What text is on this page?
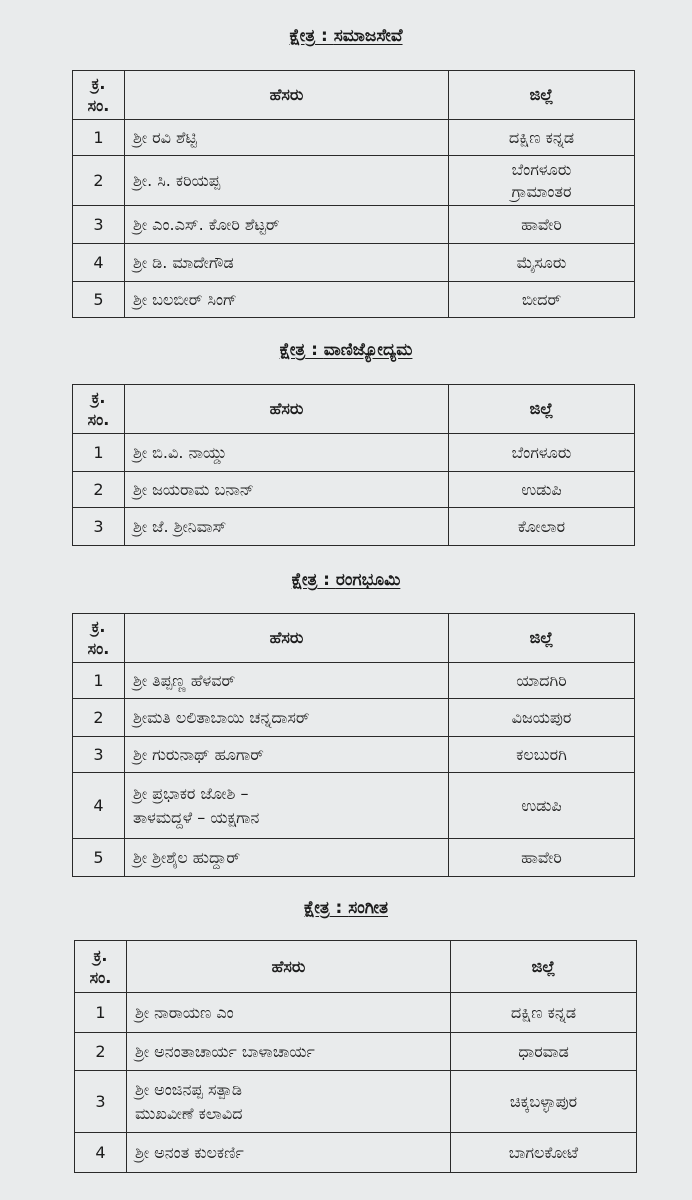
ಕ್ಷೇತ್ರ : ಸಮಾಜಸೇವೆ
ಕ್ರ.
ಸಂ.	ಹೆಸರು	ಜಿಲ್ಲೆ
1	ಶ್ರೀ ರವಿ ಶೆಟ್ಟಿ	ದಕ್ಷಿಣ ಕನ್ನಡ
2	ಶ್ರೀ. ಸಿ. ಕರಿಯಪ್ಪ	ಬೆಂಗಳೂರು
ಗ್ರಾಮಾಂತರ
3	ಶ್ರೀ ಎಂ.ಎಸ್. ಕೋರಿ ಶೆಟ್ಟರ್	ಹಾವೇರಿ
4	ಶ್ರೀ ಡಿ. ಮಾದೇಗೌಡ	ಮೈಸೂರು
5	ಶ್ರೀ ಬಲಬೀರ್ ಸಿಂಗ್	ಬೀದರ್
ಕ್ಷೇತ್ರ : ವಾಣಿಜ್ಯೋದ್ಯಮ
ಕ್ರ.
ಸಂ.	ಹೆಸರು	ಜಿಲ್ಲೆ
1	ಶ್ರೀ ಬಿ.ವಿ. ನಾಯ್ಡು	ಬೆಂಗಳೂರು
2	ಶ್ರೀ ಜಯರಾಮ ಬನಾನ್	ಉಡುಪಿ
3	ಶ್ರೀ ಜೆ. ಶ್ರೀನಿವಾಸ್	ಕೋಲಾರ
ಕ್ಷೇತ್ರ : ರಂಗಭೂಮಿ
ಕ್ರ.
ಸಂ.	ಹೆಸರು	ಜಿಲ್ಲೆ
1	ಶ್ರೀ ತಿಪ್ಪಣ್ಣ ಹೆಳವರ್	ಯಾದಗಿರಿ
2	ಶ್ರೀಮತಿ ಲಲಿತಾಬಾಯಿ ಚನ್ನದಾಸರ್	ವಿಜಯಪುರ
3	ಶ್ರೀ ಗುರುನಾಥ್ ಹೂಗಾರ್	ಕಲಬುರಗಿ
4	ಶ್ರೀ ಪ್ರಭಾಕರ ಜೋಶಿ –
ತಾಳಮದ್ದಳೆ – ಯಕ್ಷಗಾನ	ಉಡುಪಿ
5	ಶ್ರೀ ಶ್ರೀಶೈಲ ಹುದ್ದಾರ್	ಹಾವೇರಿ
ಕ್ಷೇತ್ರ : ಸಂಗೀತ
ಕ್ರ.
ಸಂ.	ಹೆಸರು	ಜಿಲ್ಲೆ
1	ಶ್ರೀ ನಾರಾಯಣ ಎಂ	ದಕ್ಷಿಣ ಕನ್ನಡ
2	ಶ್ರೀ ಅನಂತಾಚಾರ್ಯ ಬಾಳಾಚಾರ್ಯ	ಧಾರವಾಡ
3	ಶ್ರೀ ಅಂಜಿನಪ್ಪ ಸತ್ಪಾಡಿ
ಮುಖವೀಣೆ ಕಲಾವಿದ	ಚಿಕ್ಕಬಳ್ಳಾಪುರ
4	ಶ್ರೀ ಅನಂತ ಕುಲಕರ್ಣಿ	ಬಾಗಲಕೋಟೆ
